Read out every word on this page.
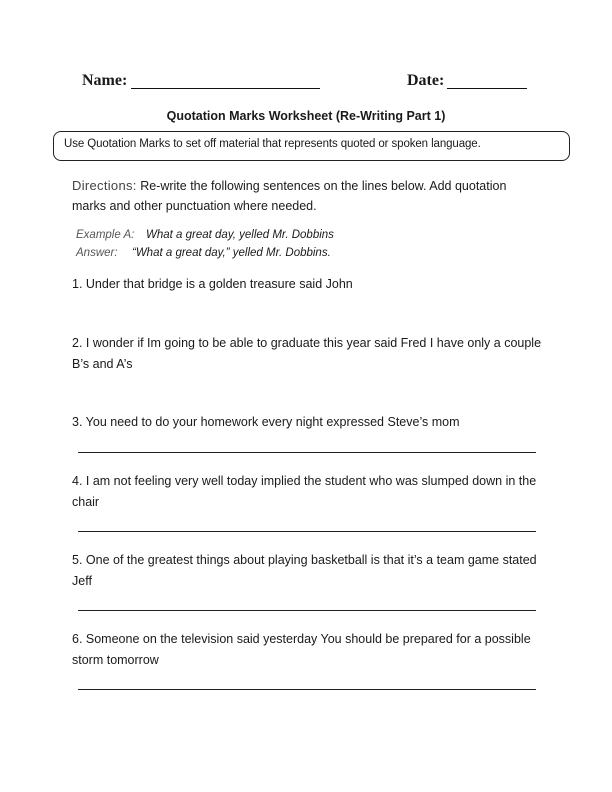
Name:	Date:
Quotation Marks Worksheet (Re-Writing Part 1)
Use Quotation Marks to set off material that represents quoted or spoken language.
Directions: Re-write the following sentences on the lines below. Add quotation marks and other punctuation where needed.
Example A: What a great day, yelled Mr. Dobbins
Answer: “What a great day,” yelled Mr. Dobbins.
1. Under that bridge is a golden treasure said John
2. I wonder if Im going to be able to graduate this year said Fred I have only a couple B’s and A’s
3. You need to do your homework every night expressed Steve’s mom
4. I am not feeling very well today implied the student who was slumped down in the chair
5. One of the greatest things about playing basketball is that it’s a team game stated Jeff
6. Someone on the television said yesterday You should be prepared for a possible storm tomorrow
